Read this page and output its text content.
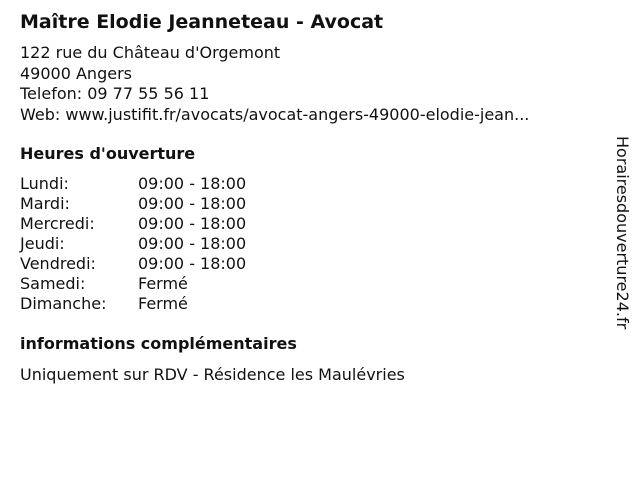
Maître Elodie Jeanneteau - Avocat
122 rue du Château d'Orgemont
49000 Angers
Telefon: 09 77 55 56 11
Web: www.justifit.fr/avocats/avocat-angers-49000-elodie-jean...
Heures d'ouverture
Lundi:	09:00 - 18:00
Mardi:	09:00 - 18:00
Mercredi:	09:00 - 18:00
Jeudi:	09:00 - 18:00
Vendredi:	09:00 - 18:00
Samedi:	Fermé
Dimanche:	Fermé
informations complémentaires
Uniquement sur RDV - Résidence les Maulévries
Horairesdouverture24.fr
